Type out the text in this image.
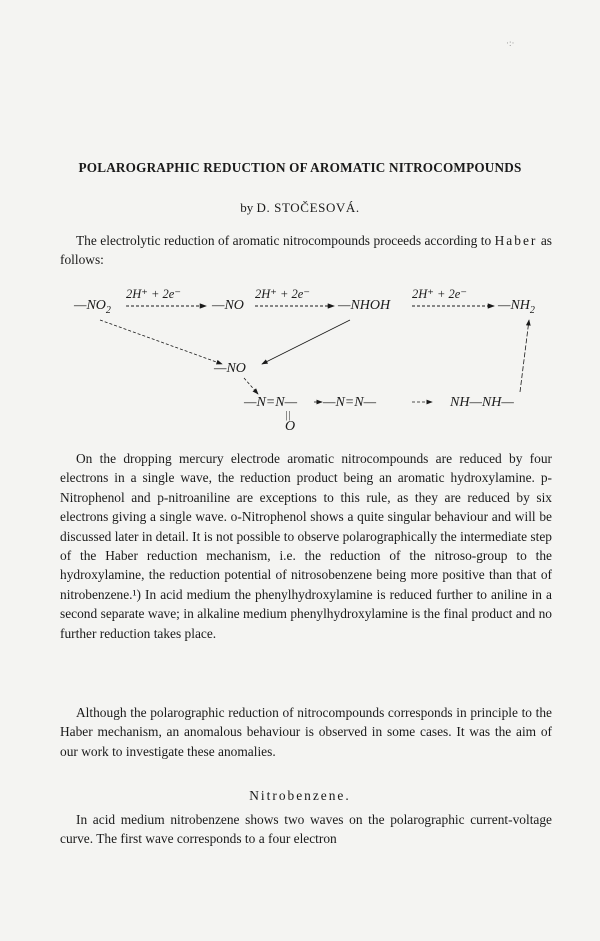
·:·
POLAROGRAPHIC REDUCTION OF AROMATIC NITROCOMPOUNDS
by D. STOČESOVÁ.

The electrolytic reduction of aromatic nitrocompounds proceeds according to Haber as follows:

$—NO_2$
2H⁺ + 2e⁻
—NO
2H⁺ + 2e⁻
—NHOH
2H⁺ + 2e⁻
$—NH_2$
—NO
—N=N—
||
O
—N=N—	NH—NH—

On the dropping mercury electrode aromatic nitrocompounds are reduced by four electrons in a single wave, the reduction product being an aromatic hydroxylamine. p-Nitrophenol and p-nitroaniline are exceptions to this rule, as they are reduced by six electrons giving a single wave. o-Nitrophenol shows a quite singular behaviour and will be discussed later in detail. It is not possible to observe polarographically the intermediate step of the Haber reduction mechanism, i.e. the reduction of the nitroso-group to the hydroxylamine, the reduction potential of nitrosobenzene being more positive than that of nitrobenzene.¹) In acid medium the phenylhydroxylamine is reduced further to aniline in a second separate wave; in alkaline medium phenylhydroxylamine is the final product and no further reduction takes place.

Although the polarographic reduction of nitrocompounds corresponds in principle to the Haber mechanism, an anomalous behaviour is observed in some cases. It was the aim of our work to investigate these anomalies.

Nitrobenzene.

In acid medium nitrobenzene shows two waves on the polarographic current-voltage curve. The first wave corresponds to a four electron
